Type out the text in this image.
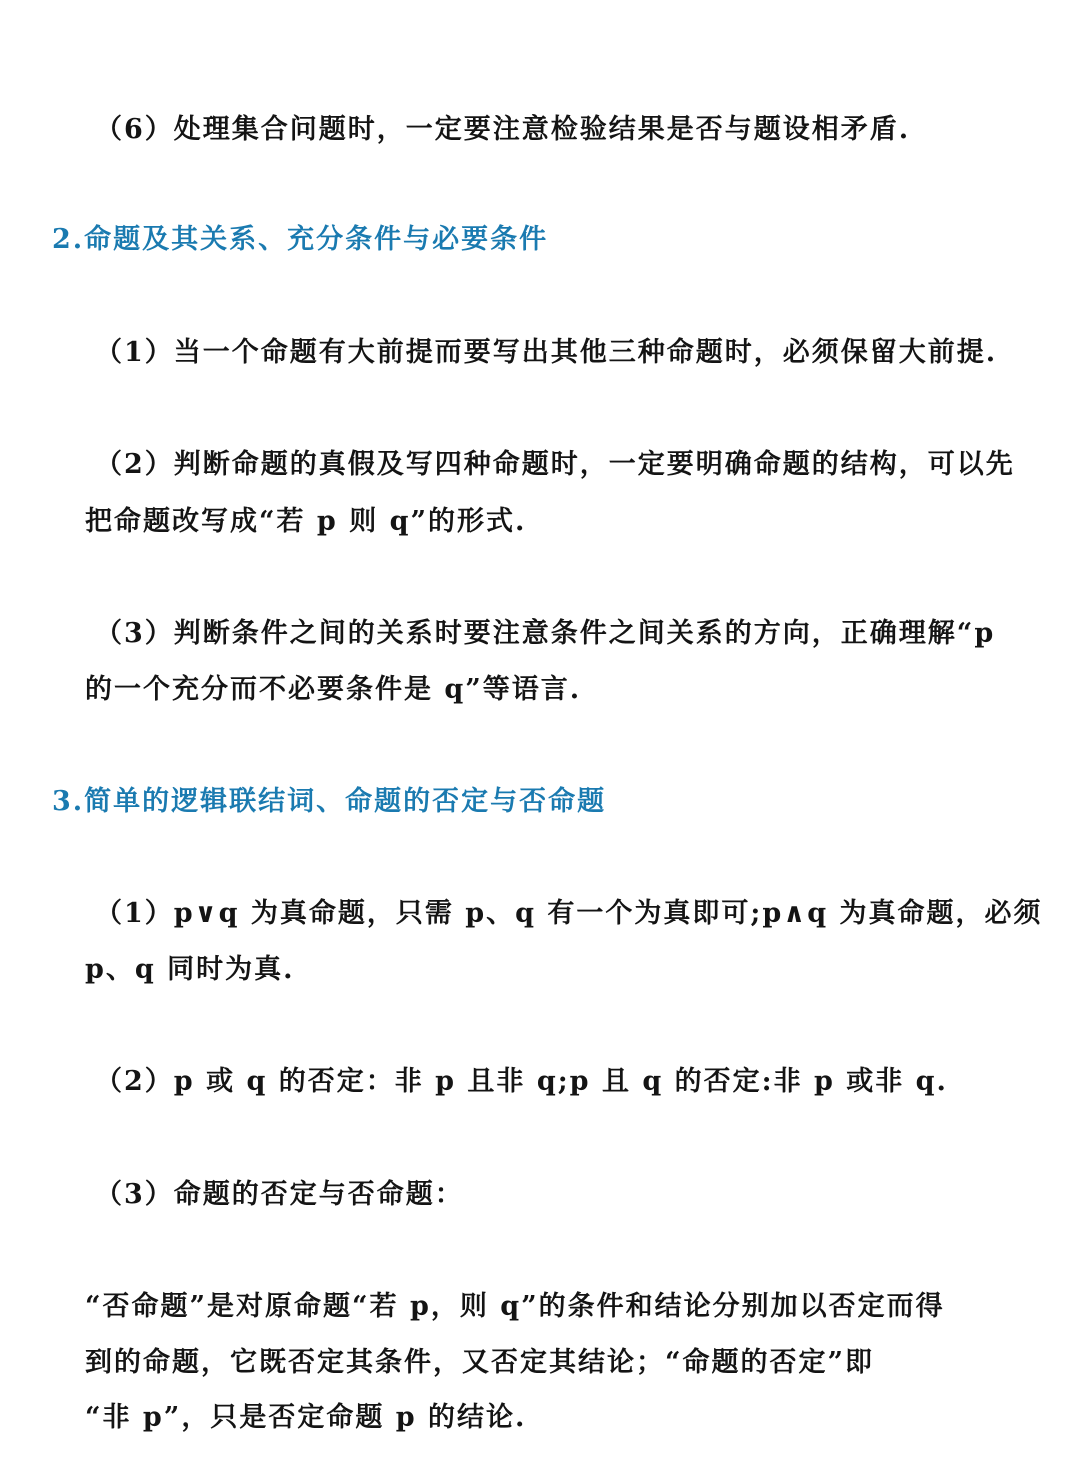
（6）处理集合问题时，一定要注意检验结果是否与题设相矛盾.
2.命题及其关系、充分条件与必要条件
（1）当一个命题有大前提而要写出其他三种命题时，必须保留大前提.
（2）判断命题的真假及写四种命题时，一定要明确命题的结构，可以先
把命题改写成“若 p 则 q”的形式.
（3）判断条件之间的关系时要注意条件之间关系的方向，正确理解“p
的一个充分而不必要条件是 q”等语言.
3.简单的逻辑联结词、命题的否定与否命题
（1）p∨q 为真命题，只需 p、q 有一个为真即可;p∧q 为真命题，必须
p、q 同时为真.
（2）p 或 q 的否定：非 p 且非 q;p 且 q 的否定:非 p 或非 q.
（3）命题的否定与否命题：
“否命题”是对原命题“若 p，则 q”的条件和结论分别加以否定而得
到的命题，它既否定其条件，又否定其结论；“命题的否定”即
“非 p”，只是否定命题 p 的结论.
